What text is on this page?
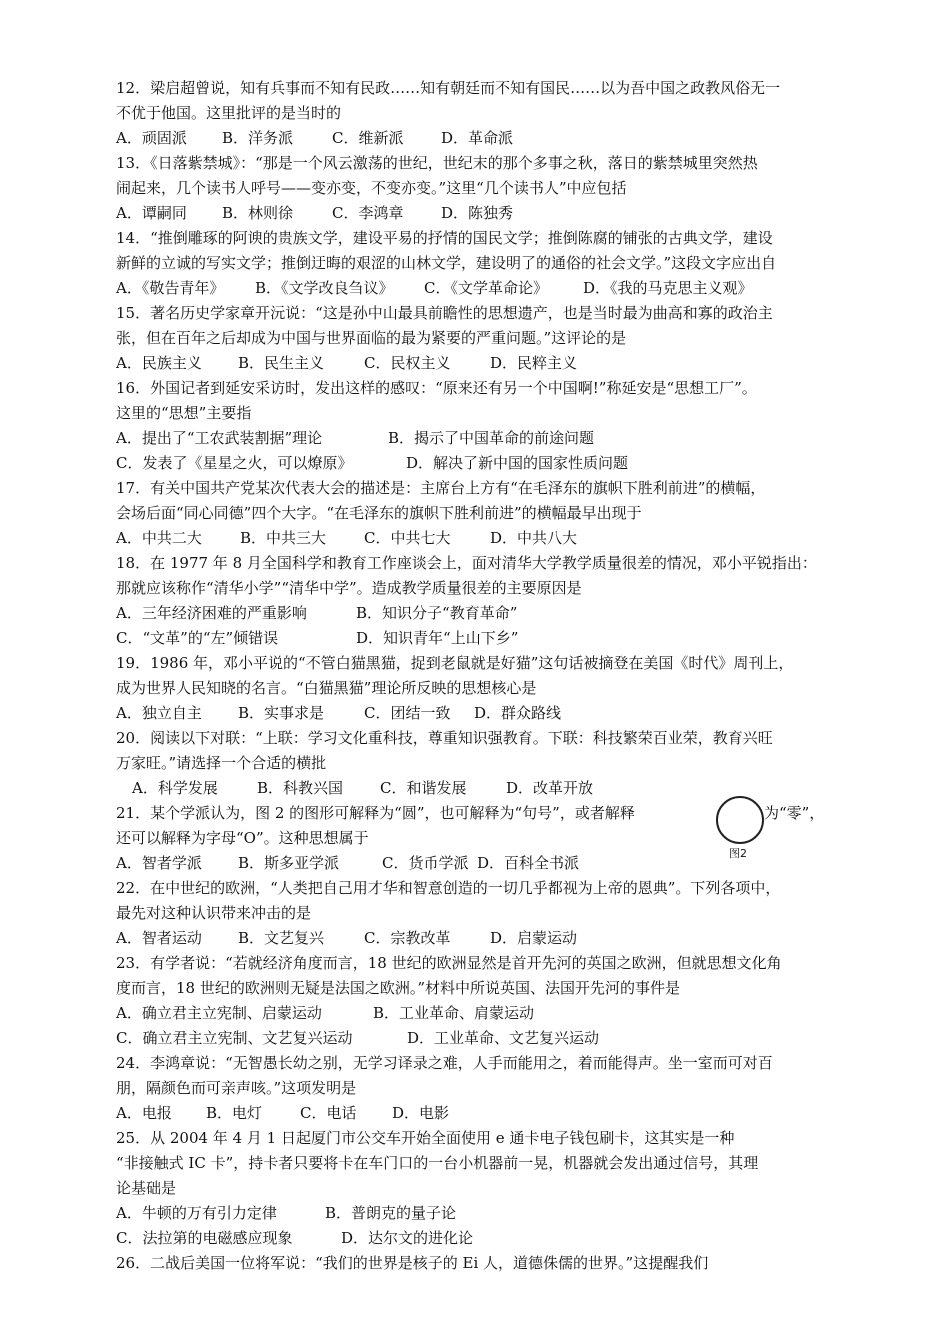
12．梁启超曾说，知有兵事而不知有民政……知有朝廷而不知有国民……以为吾中国之政教风俗无一
不优于他国。这里批评的是当时的
A．顽固派 B．洋务派	C．维新派	D．革命派
13．《日落紫禁城》：“那是一个风云激荡的世纪，世纪末的那个多事之秋，落日的紫禁城里突然热
闹起来，几个读书人呼号——变亦变，不变亦变。”这里“几个读书人”中应包括
A．谭嗣同 B．林则徐	C．李鸿章	D．陈独秀
14．“推倒雕琢的阿谀的贵族文学，建设平易的抒情的国民文学；推倒陈腐的铺张的古典文学，建设
新鲜的立诚的写实文学；推倒迂晦的艰涩的山林文学，建设明了的通俗的社会文学。”这段文字应出自
A．《敬告青年》 B．《文学改良刍议》 C．《文学革命论》 D．《我的马克思主义观》
15．著名历史学家章开沅说：“这是孙中山最具前瞻性的思想遗产，也是当时最为曲高和寡的政治主
张，但在百年之后却成为中国与世界面临的最为紧要的严重问题。”这评论的是
A．民族主义 B．民生主义	C．民权主义	D．民粹主义
16．外国记者到延安采访时，发出这样的感叹：“原来还有另一个中国啊!”称延安是“思想工厂”。
这里的“思想”主要指
A．提出了“工农武装割据”理论	B．揭示了中国革命的前途问题
C．发表了《星星之火，可以燎原》	D．解决了新中国的国家性质问题
17．有关中国共产党某次代表大会的描述是：主席台上方有“在毛泽东的旗帜下胜利前进”的横幅，
会场后面“同心同德”四个大字。“在毛泽东的旗帜下胜利前进”的横幅最早出现于
A．中共二大	B．中共三大	C．中共七大	D．中共八大
18．在 1977 年 8 月全国科学和教育工作座谈会上，面对清华大学教学质量很差的情况，邓小平锐指出：
那就应该称作“清华小学”“清华中学”。造成教学质量很差的主要原因是
A．三年经济困难的严重影响	B．知识分子“教育革命”
C．“文革”的“左”倾错误	D．知识青年“上山下乡”
19．1986 年，邓小平说的“不管白猫黑猫，捉到老鼠就是好猫”这句话被摘登在美国《时代》周刊上，
成为世界人民知晓的名言。“白猫黑猫”理论所反映的思想核心是
A．独立自主 B．实事求是	C．团结一致 D．群众路线
20．阅读以下对联：“上联：学习文化重科技，尊重知识强教育。下联：科技繁荣百业荣，教育兴旺
万家旺。”请选择一个合适的横批
A．科学发展	B．科教兴国 C．和谐发展	D．改革开放
21．某个学派认为，图 2 的图形可解释为“圆”，也可解释为“句号”，或者解释	为“零”，
还可以解释为字母“O”。这种思想属于
图2
A．智者学派 B．斯多亚学派	C．货币学派 D．百科全书派
22．在中世纪的欧洲，“人类把自己用才华和智意创造的一切几乎都视为上帝的恩典”。下列各项中，
最先对这种认识带来冲击的是
A．智者运动 B．文艺复兴	C．宗教改革	D．启蒙运动
23．有学者说：“若就经济角度而言，18 世纪的欧洲显然是首开先河的英国之欧洲，但就思想文化角
度而言，18 世纪的欧洲则无疑是法国之欧洲。”材料中所说英国、法国开先河的事件是
A．确立君主立宪制、启蒙运动	B．工业革命、肩蒙运动
C．确立君主立宪制、文艺复兴运动	D．工业革命、文艺复兴运动
24．李鸿章说：“无智愚长幼之别，无学习译录之难，人手而能用之，着而能得声。坐一室而可对百
朋，隔颜色而可亲声咳。”这项发明是
A．电报 B．电灯	C．电话 D．电影
25．从 2004 年 4 月 1 日起厦门市公交车开始全面使用 e 通卡电子钱包刷卡，这其实是一种
“非接触式 IC 卡”，持卡者只要将卡在车门口的一台小机器前一晃，机器就会发出通过信号，其理
论基础是
A．牛顿的万有引力定律	B．普朗克的量子论
C．法拉第的电磁感应现象	D．达尔文的进化论
26．二战后美国一位将军说：“我们的世界是核子的 Ei 人，道德侏儒的世界。”这提醒我们
